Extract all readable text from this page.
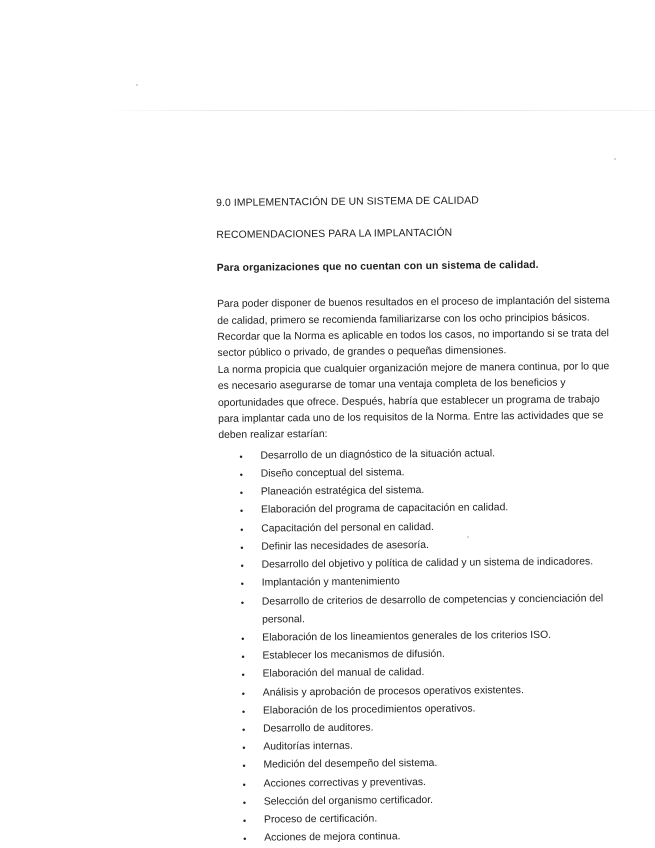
9.0 IMPLEMENTACIÓN DE UN SISTEMA DE CALIDAD
RECOMENDACIONES PARA LA IMPLANTACIÓN
Para organizaciones que no cuentan con un sistema de calidad.
Para poder disponer de buenos resultados en el proceso de implantación del sistema
de calidad, primero se recomienda familiarizarse con los ocho principios básicos.
Recordar que la Norma es aplicable en todos los casos, no importando si se trata del
sector público o privado, de grandes o pequeñas dimensiones.
La norma propicia que cualquier organización mejore de manera continua, por lo que
es necesario asegurarse de tomar una ventaja completa de los beneficios y
oportunidades que ofrece. Después, habría que establecer un programa de trabajo
para implantar cada uno de los requisitos de la Norma. Entre las actividades que se
deben realizar estarían:
• Desarrollo de un diagnóstico de la situación actual.
• Diseño conceptual del sistema.
• Planeación estratégica del sistema.
• Elaboración del programa de capacitación en calidad.
• Capacitación del personal en calidad.
• Definir las necesidades de asesoría.
• Desarrollo del objetivo y política de calidad y un sistema de indicadores.
• Implantación y mantenimiento
• Desarrollo de criterios de desarrollo de competencias y concienciación del
personal.
• Elaboración de los lineamientos generales de los criterios ISO.
• Establecer los mecanismos de difusión.
• Elaboración del manual de calidad.
• Análisis y aprobación de procesos operativos existentes.
• Elaboración de los procedimientos operativos.
• Desarrollo de auditores.
• Auditorías internas.
• Medición del desempeño del sistema.
• Acciones correctivas y preventivas.
• Selección del organismo certificador.
• Proceso de certificación.
• Acciones de mejora continua.
